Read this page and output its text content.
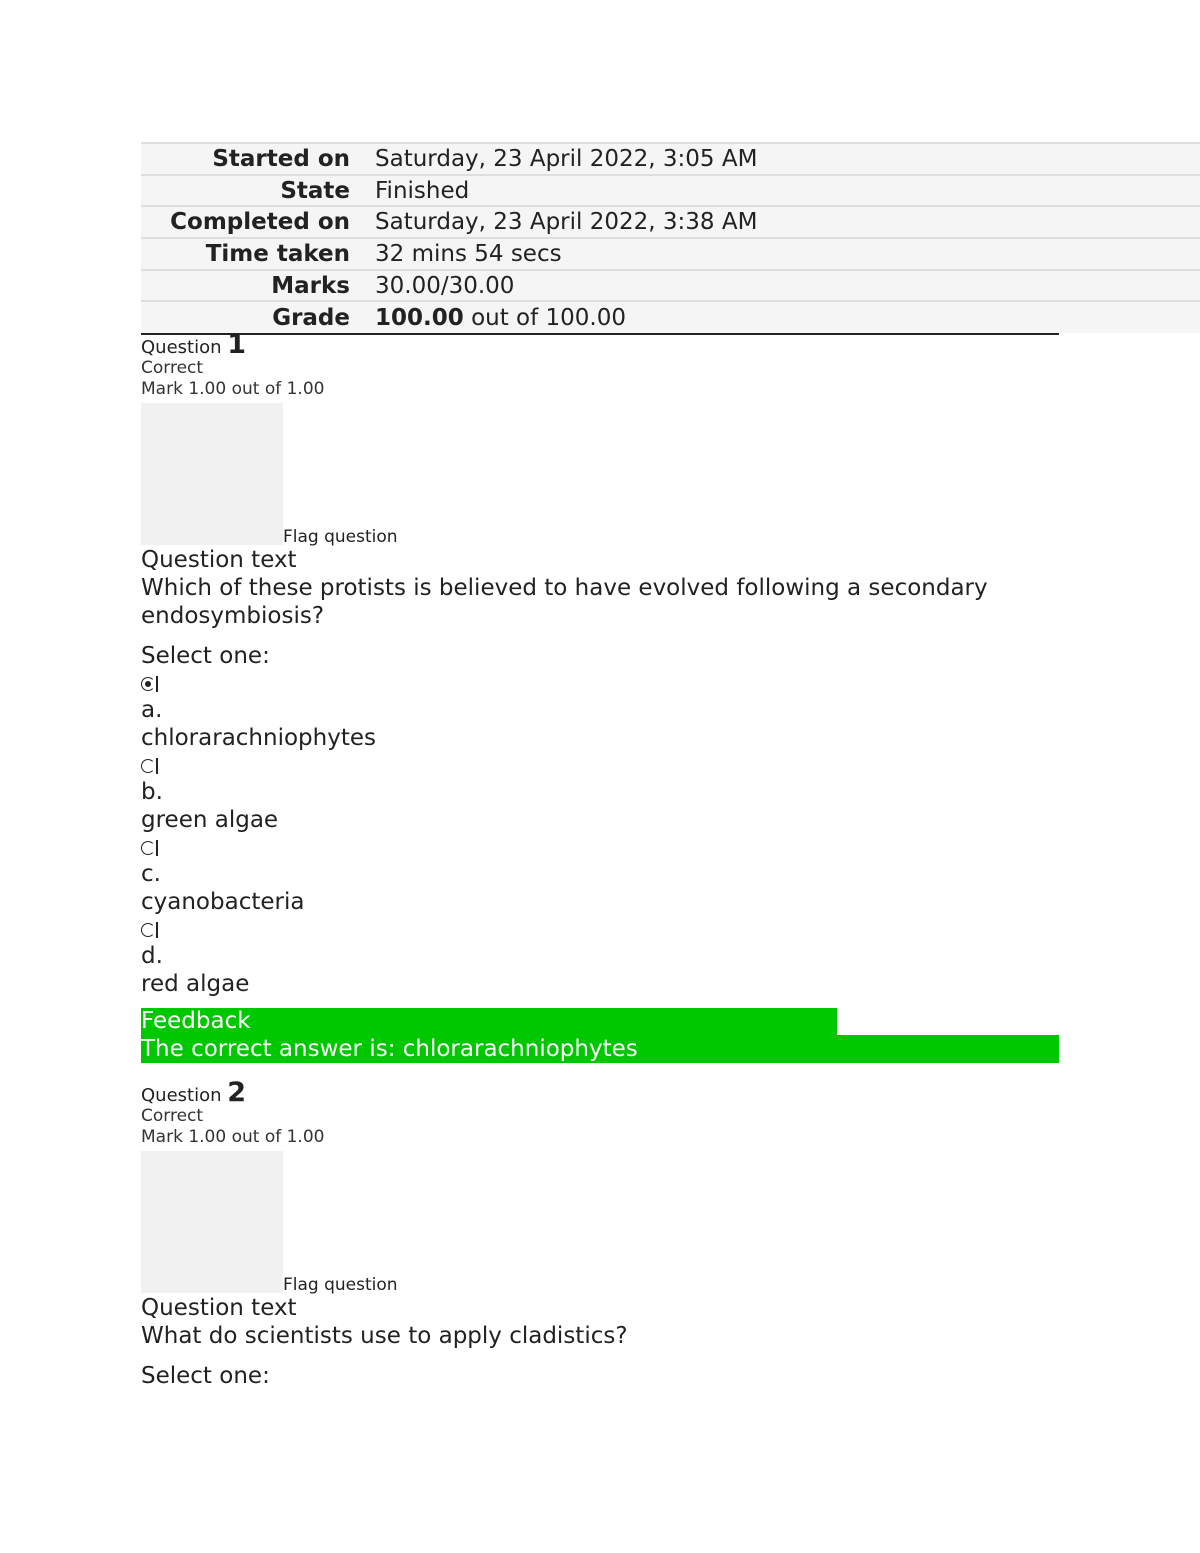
Started on	Saturday, 23 April 2022, 3:05 AM
State	Finished
Completed on	Saturday, 23 April 2022, 3:38 AM
Time taken	32 mins 54 secs
Marks	30.00/30.00
Grade	100.00 out of 100.00
Question 1
Correct
Mark 1.00 out of 1.00
Flag question
Question text
Which of these protists is believed to have evolved following a secondary endosymbiosis?
Select one:
a.
chlorarachniophytes
b.
green algae
c.
cyanobacteria
d.
red algae
Feedback
The correct answer is: chlorarachniophytes
Question 2
Correct
Mark 1.00 out of 1.00
Flag question
Question text
What do scientists use to apply cladistics?
Select one:
